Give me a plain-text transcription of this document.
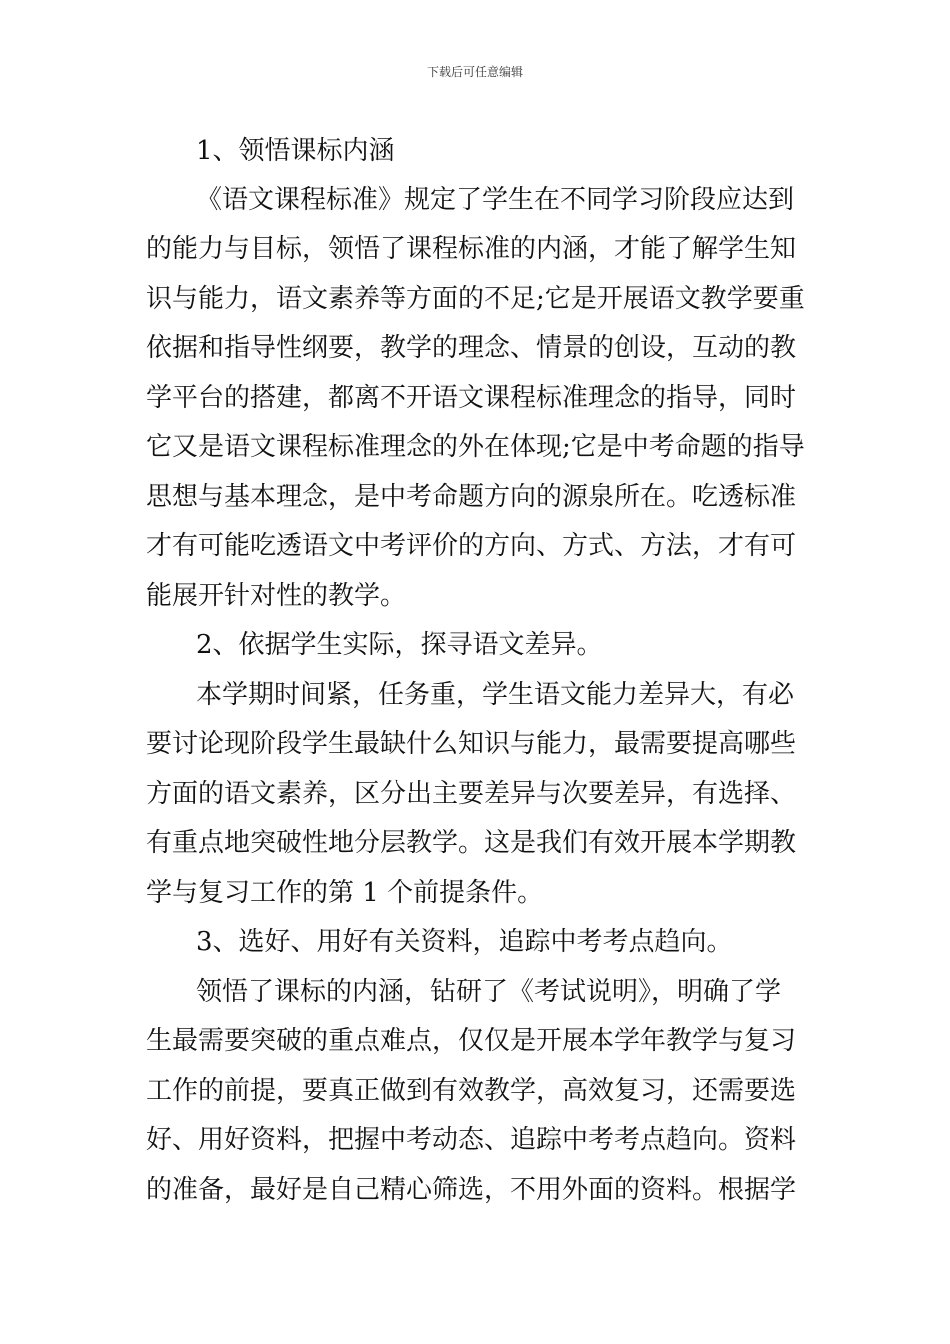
下载后可任意编辑
1、领悟课标内涵
《语文课程标准》规定了学生在不同学习阶段应达到
的能力与目标，领悟了课程标准的内涵，才能了解学生知
识与能力，语文素养等方面的不足;它是开展语文教学要重
依据和指导性纲要，教学的理念、情景的创设，互动的教
学平台的搭建，都离不开语文课程标准理念的指导，同时
它又是语文课程标准理念的外在体现;它是中考命题的指导
思想与基本理念，是中考命题方向的源泉所在。吃透标准
才有可能吃透语文中考评价的方向、方式、方法，才有可
能展开针对性的教学。
2、依据学生实际，探寻语文差异。
本学期时间紧，任务重，学生语文能力差异大，有必
要讨论现阶段学生最缺什么知识与能力，最需要提高哪些
方面的语文素养，区分出主要差异与次要差异，有选择、
有重点地突破性地分层教学。这是我们有效开展本学期教
学与复习工作的第 1 个前提条件。
3、选好、用好有关资料，追踪中考考点趋向。
领悟了课标的内涵，钻研了《考试说明》，明确了学
生最需要突破的重点难点，仅仅是开展本学年教学与复习
工作的前提，要真正做到有效教学，高效复习，还需要选
好、用好资料，把握中考动态、追踪中考考点趋向。资料
的准备，最好是自己精心筛选，不用外面的资料。根据学
